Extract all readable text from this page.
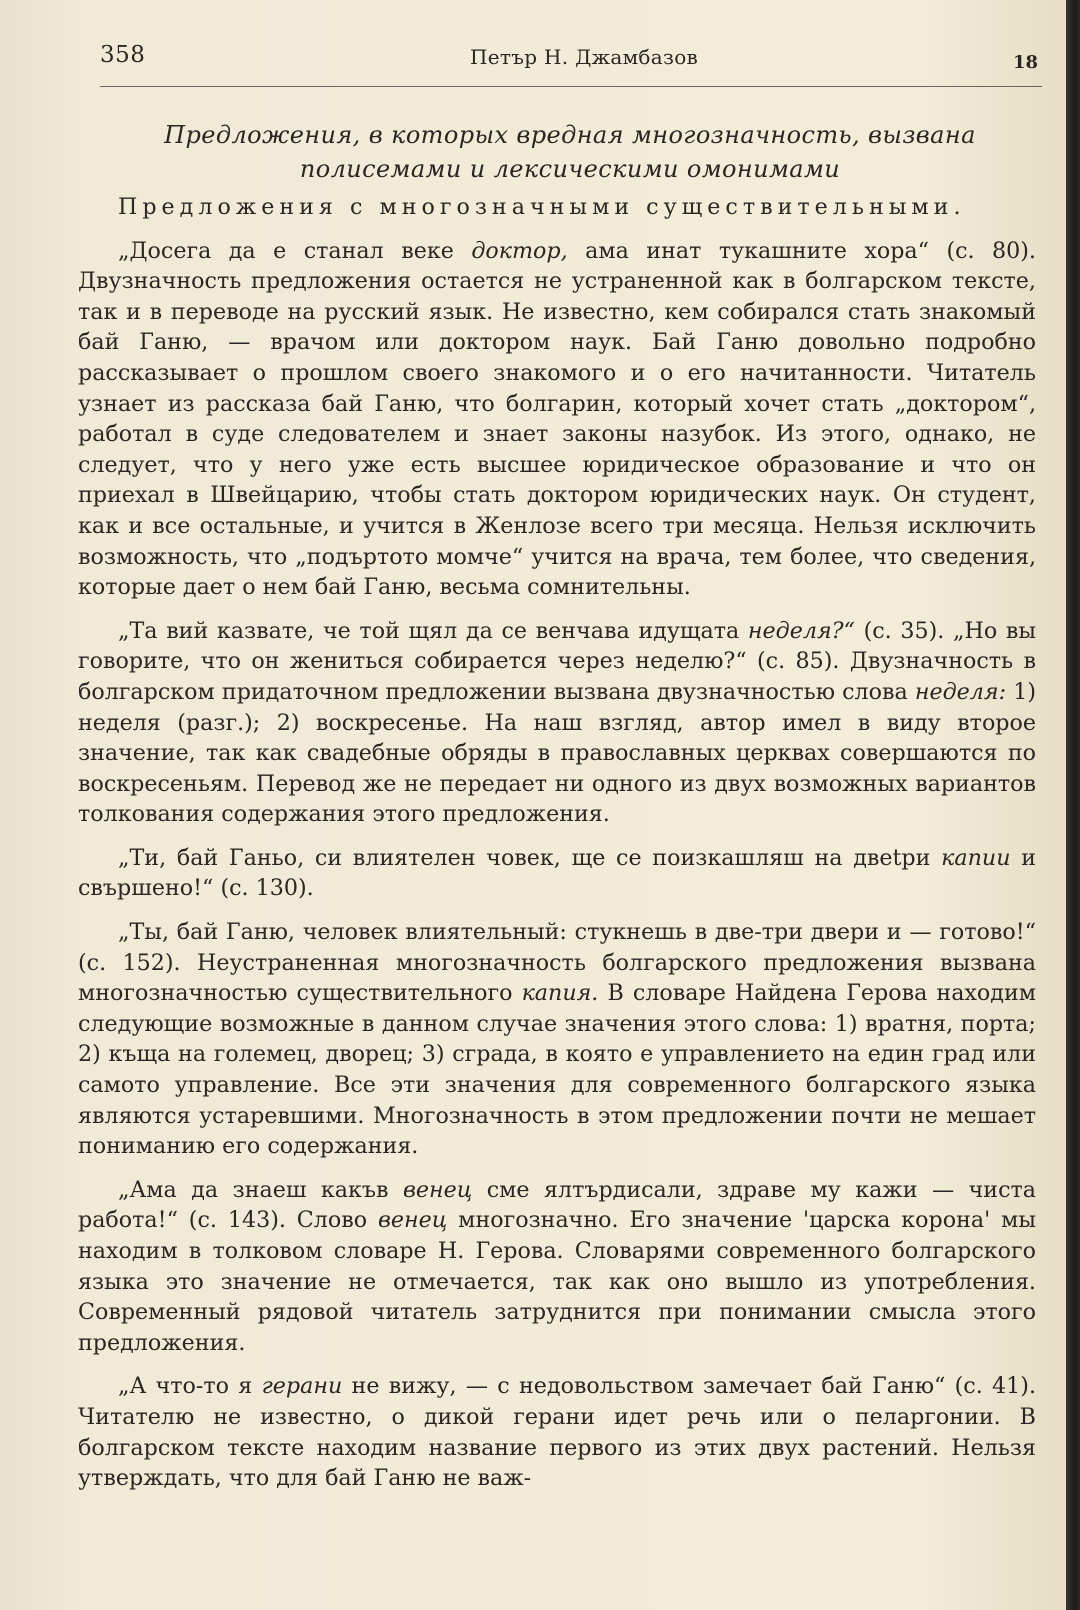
358	Петър Н. Джамбазов	18
Предложения, в которых вредная многозначность, вызвана полисемами и лексическими омонимами

Предложения с многозначными существительными.

„Досега да е станал веке доктор, ама инат тукашните хора“ (с. 80). Двузначность предложения остается не устраненной как в болгарском тексте, так и в переводе на русский язык. Не известно, кем собирался стать знакомый бай Ганю, — врачом или доктором наук. Бай Ганю довольно подробно рассказывает о прошлом своего знакомого и о его начитанности. Читатель узнает из рассказа бай Ганю, что болгарин, который хочет стать „доктором“, работал в суде следователем и знает законы назубок. Из этого, однако, не следует, что у него уже есть высшее юридическое образование и что он приехал в Швейцарию, чтобы стать доктором юридических наук. Он студент, как и все остальные, и учится в Женлозе всего три месяца. Нельзя исключить возможность, что „подъртото момче“ учится на врача, тем более, что сведения, которые дает о нем бай Ганю, весьма сомнительны.

„Та вий казвате, че той щял да се венчава идущата неделя?“ (с. 35). „Но вы говорите, что он жениться собирается через неделю?“ (с. 85). Двузначность в болгарском придаточном предложении вызвана двузначностью слова неделя: 1) неделя (разг.); 2) воскресенье. На наш взгляд, автор имел в виду второе значение, так как свадебные обряды в православных церквах совершаются по воскресеньям. Перевод же не передает ни одного из двух возможных вариантов толкования содержания этого предложения.

„Ти, бай Ганьо, си влиятелен човек, ще се поизкашляш на двеtри капии и свършено!“ (с. 130).

„Ты, бай Ганю, человек влиятельный: стукнешь в две-три двери и — готово!“ (с. 152). Неустраненная многозначность болгарского предложения вызвана многозначностью существительного капия. В словаре Найдена Герова находим следующие возможные в данном случае значения этого слова: 1) вратня, порта; 2) къща на големец, дворец; 3) сграда, в която е управлението на един град или самото управление. Все эти значения для современного болгарского языка являются устаревшими. Многозначность в этом предложении почти не мешает пониманию его содержания.

„Ама да знаеш какъв венец сме ялтърдисали, здраве му кажи — чиста работа!“ (с. 143). Слово венец многозначно. Его значение 'царска корона' мы находим в толковом словаре Н. Герова. Словарями современного болгарского языка это значение не отмечается, так как оно вышло из употребления. Современный рядовой читатель затруднится при понимании смысла этого предложения.

„А что-то я герани не вижу, — с недовольством замечает бай Ганю“ (с. 41). Читателю не известно, о дикой герани идет речь или о пеларгонии. В болгарском тексте находим название первого из этих двух растений. Нельзя утверждать, что для бай Ганю не важ-
